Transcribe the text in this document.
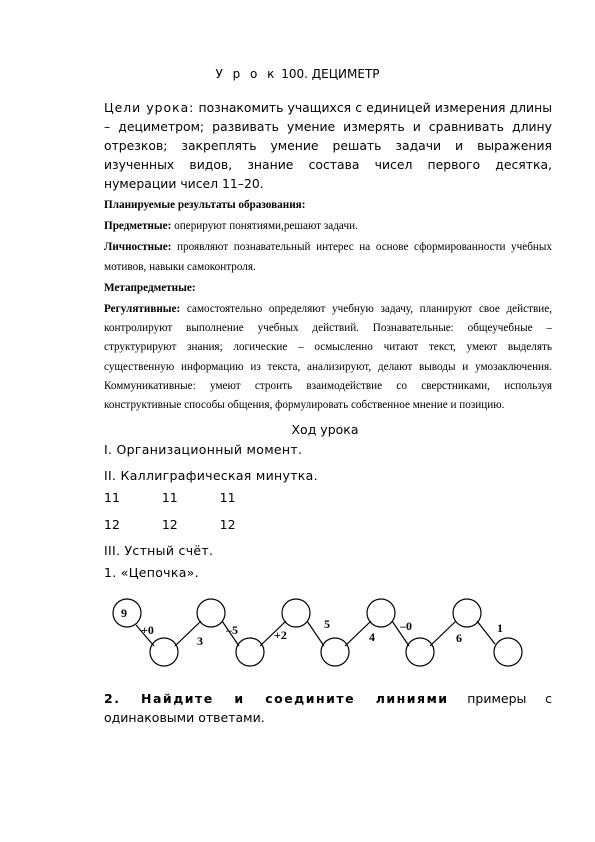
У р о к 100. ДЕЦИМЕТР
Цели урока: познакомить учащихся с единицей измерения длины – дециметром; развивать умение измерять и сравнивать длину отрезков; закреплять умение решать задачи и выражения изученных видов, знание состава чисел первого десятка, нумерации чисел 11–20.

Планируемые результаты образования:

Предметные: оперируют понятиями,решают задачи.

Личностные: проявляют познавательный интерес на основе сформированности учебных мотивов, навыки самоконтроля.

Метапредметные:

Регулятивные: самостоятельно определяют учебную задачу, планируют свое действие, контролируют выполнение учебных действий. Познавательные: общеучебные – структурируют знания; логические – осмысленно читают текст, умеют выделять существенную информацию из текста, анализируют, делают выводы и умозаключения. Коммуникативные: умеют строить взаимодействие со сверстниками, используя конструктивные способы общения, формулировать собственное мнение и позицию.

Ход урока
I. Организационный момент.
II. Каллиграфическая минутка.
11   11   11
12   12   12
III. Устный счёт.
1. «Цепочка».
9
+0
3
–5	+2
5
4
–0
6
1
2. Найдите и соедините линиями примеры с одинаковыми ответами.
